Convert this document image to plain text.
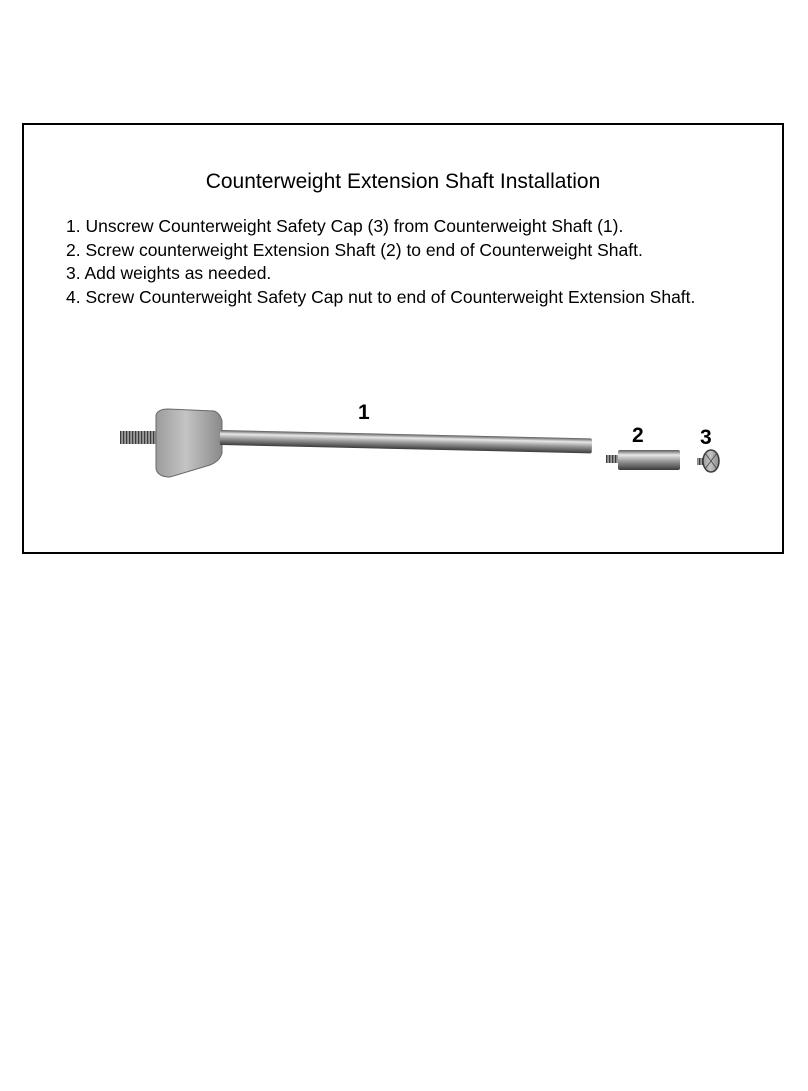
Counterweight Extension Shaft Installation
1. Unscrew Counterweight Safety Cap (3) from Counterweight Shaft (1).
2. Screw counterweight Extension Shaft (2) to end of Counterweight Shaft.
3. Add weights as needed.
4. Screw Counterweight Safety Cap nut to end of Counterweight Extension Shaft.
1
2	3
